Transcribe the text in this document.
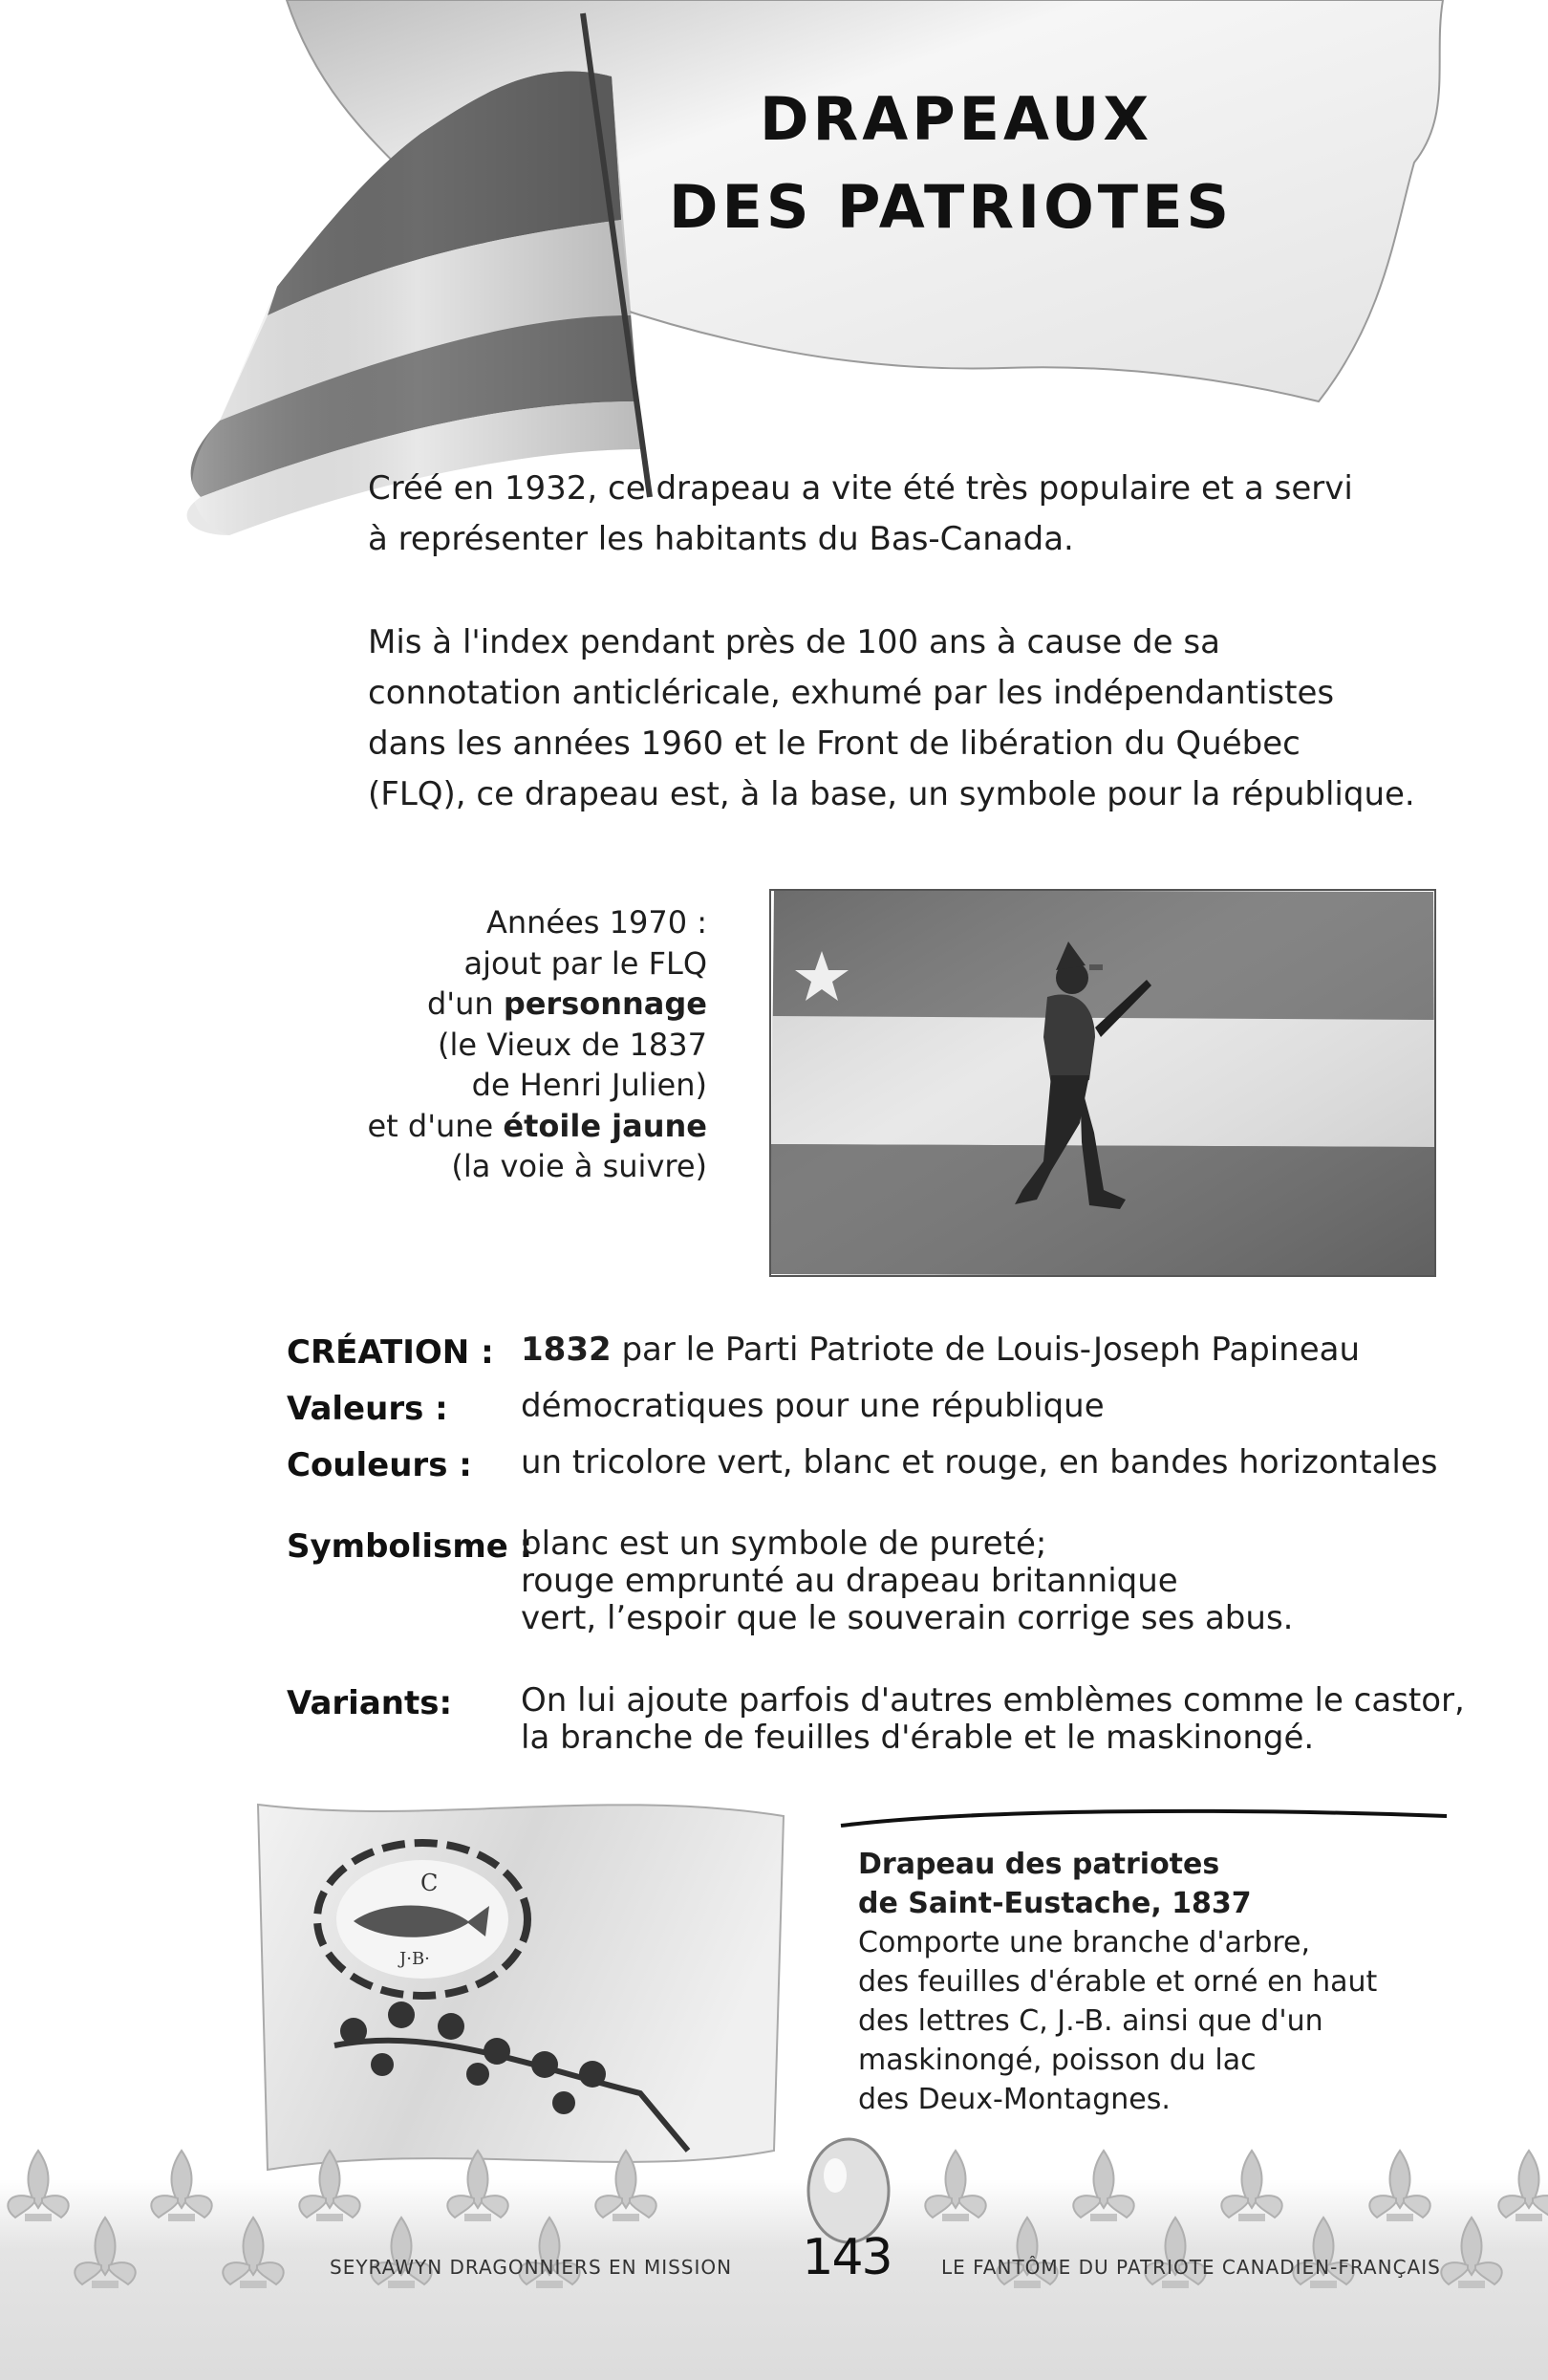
DRAPEAUX
DES PATRIOTES
Créé en 1932, ce drapeau a vite été très populaire et a servi
à représenter les habitants du Bas-Canada.
Mis à l'index pendant près de 100 ans à cause de sa
connotation anticléricale, exhumé par les indépendantistes
dans les années 1960 et le Front de libération du Québec
(FLQ), ce drapeau est, à la base, un symbole pour la république.
Années 1970 :
ajout par le FLQ
d'un personnage
(le Vieux de 1837
de Henri Julien)
et d'une étoile jaune
(la voie à suivre)
CRÉATION : 1832 par le Parti Patriote de Louis-Joseph Papineau
Valeurs : démocratiques pour une république
Couleurs : un tricolore vert, blanc et rouge, en bandes horizontales
Symbolisme :
blanc est un symbole de pureté;
rouge emprunté au drapeau britannique
vert, l’espoir que le souverain corrige ses abus.
Variants: On lui ajoute parfois d'autres emblèmes comme le castor,
la branche de feuilles d'érable et le maskinongé.
C
J·B·
Drapeau des patriotes
de Saint-Eustache, 1837
Comporte une branche d'arbre,
des feuilles d'érable et orné en haut
des lettres C, J.-B. ainsi que d'un
maskinongé, poisson du lac
des Deux-Montagnes.
SEYRAWYN DRAGONNIERS EN MISSION 143	LE FANTÔME DU PATRIOTE CANADIEN-FRANÇAIS
